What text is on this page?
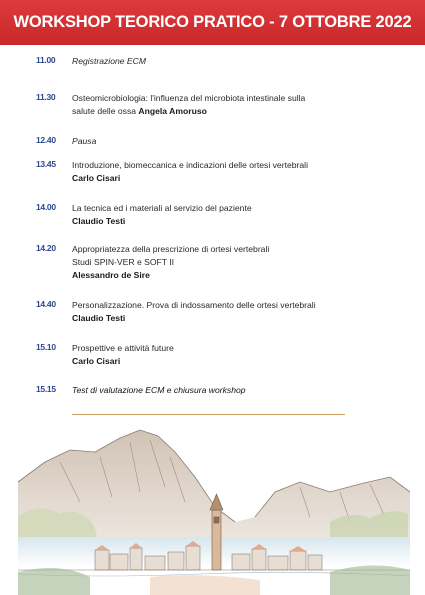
WORKSHOP TEORICO PRATICO - 7 OTTOBRE 2022
11.00 Registrazione ECM
11.30 Osteomicrobiologia: l'influenza del microbiota intestinale sulla
salute delle ossa Angela Amoruso
12.40 Pausa
13.45 Introduzione, biomeccanica e indicazioni delle ortesi vertebrali
Carlo Cisari
14.00 La tecnica ed i materiali al servizio del paziente
Claudio Testi
14.20 Appropriatezza della prescrizione di ortesi vertebrali
Studi SPIN-VER e SOFT II
Alessandro de Sire
14.40 Personalizzazione. Prova di indossamento delle ortesi vertebrali
Claudio Testi
15.10 Prospettive e attività future
Carlo Cisari
15.15 Test di valutazione ECM e chiusura workshop
